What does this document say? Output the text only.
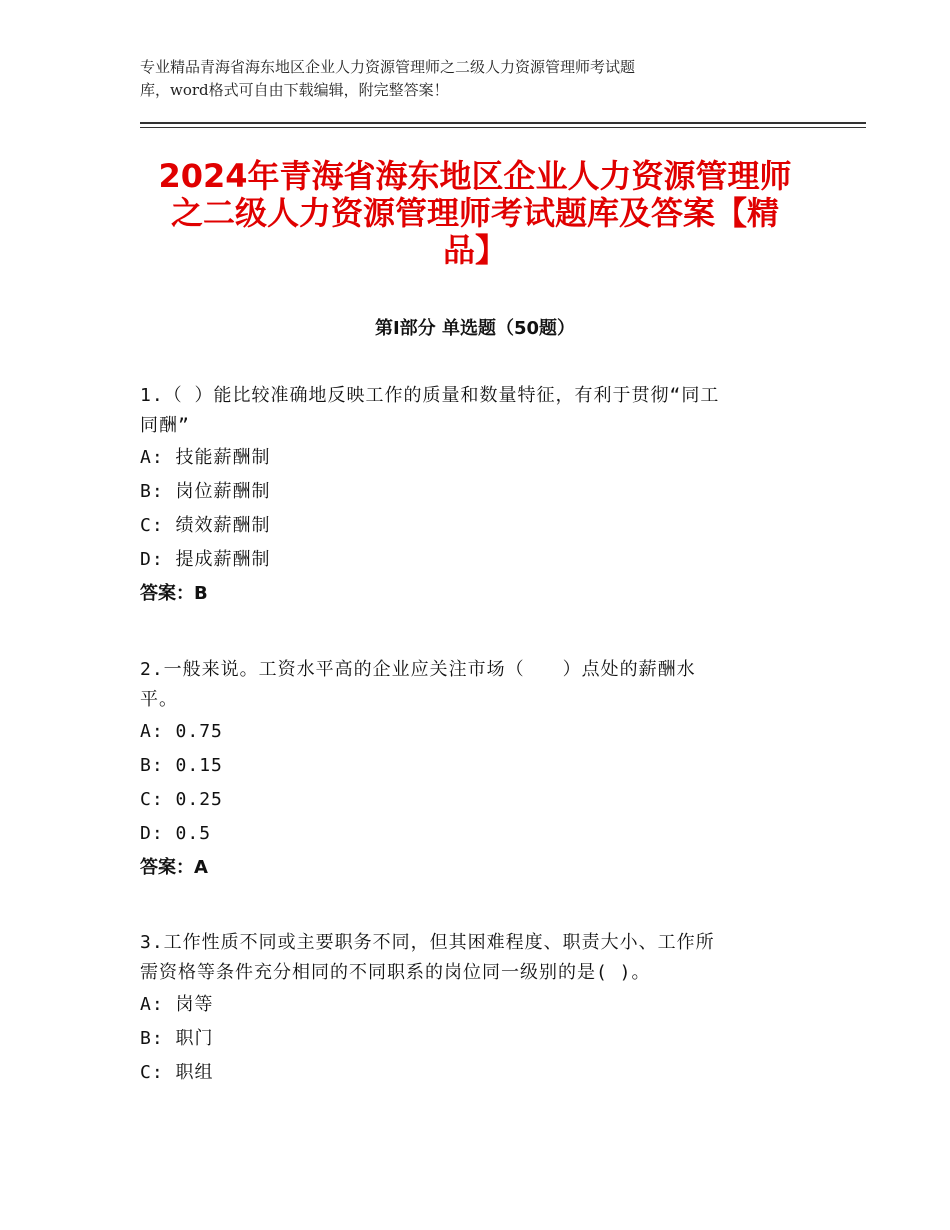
专业精品青海省海东地区企业人力资源管理师之二级人力资源管理师考试题
库，word格式可自由下载编辑，附完整答案！
2024年青海省海东地区企业人力资源管理师
之二级人力资源管理师考试题库及答案【精
品】
第Ⅰ部分 单选题（50题）

1.（ ）能比较准确地反映工作的质量和数量特征，有利于贯彻“同工
同酬”

A: 技能薪酬制

B: 岗位薪酬制

C: 绩效薪酬制

D: 提成薪酬制

答案：B

2.一般来说。工资水平高的企业应关注市场（　　）点处的薪酬水
平。

A: 0.75

B: 0.15

C: 0.25

D: 0.5

答案：A

3.工作性质不同或主要职务不同，但其困难程度、职责大小、工作所
需资格等条件充分相同的不同职系的岗位同一级别的是( )。

A: 岗等

B: 职门

C: 职组
